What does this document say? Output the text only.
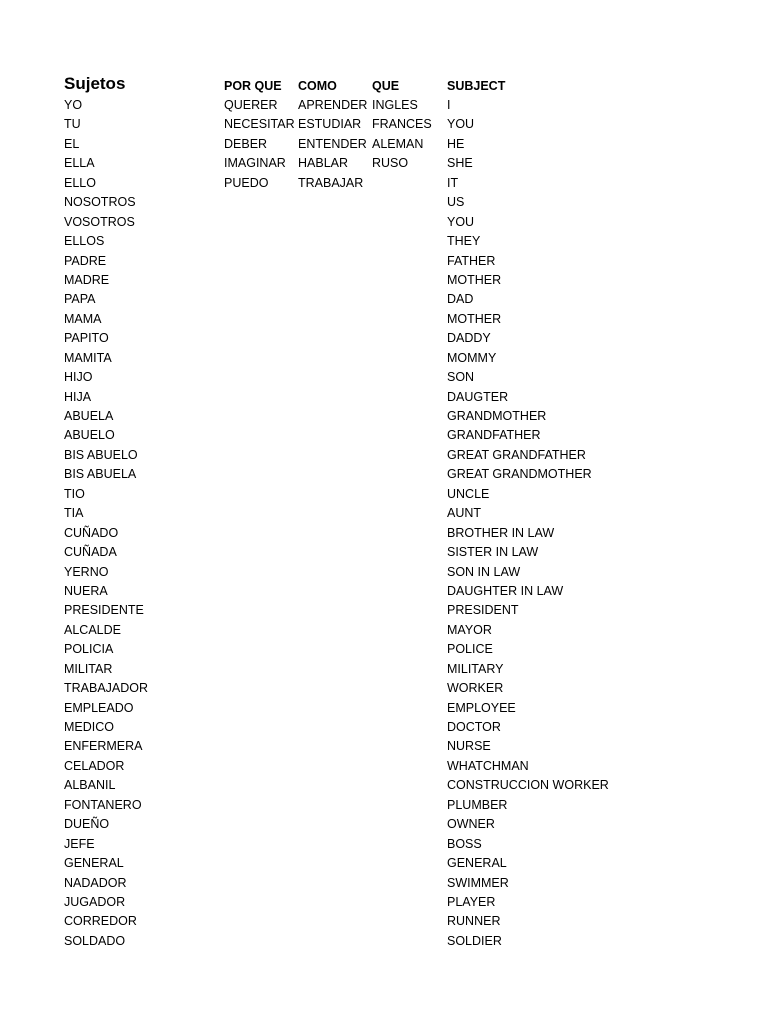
Sujetos
YO
TU
EL
ELLA
ELLO
NOSOTROS
VOSOTROS
ELLOS
PADRE
MADRE
PAPA
MAMA
PAPITO
MAMITA
HIJO
HIJA
ABUELA
ABUELO
BIS ABUELO
BIS ABUELA
TIO
TIA
CUÑADO
CUÑADA
YERNO
NUERA
PRESIDENTE
ALCALDE
POLICIA
MILITAR
TRABAJADOR
EMPLEADO
MEDICO
ENFERMERA
CELADOR
ALBANIL
FONTANERO
DUEÑO
JEFE
GENERAL
NADADOR
JUGADOR
CORREDOR
SOLDADO
POR QUE
QUERER
NECESITAR
DEBER
IMAGINAR
PUEDO
COMO
APRENDER
ESTUDIAR
ENTENDER
HABLAR
TRABAJAR
QUE
INGLES
FRANCES
ALEMAN
RUSO
SUBJECT
I
YOU
HE
SHE
IT
US
YOU
THEY
FATHER
MOTHER
DAD
MOTHER
DADDY
MOMMY
SON
DAUGTER
GRANDMOTHER
GRANDFATHER
GREAT GRANDFATHER
GREAT GRANDMOTHER
UNCLE
AUNT
BROTHER IN LAW
SISTER IN LAW
SON IN LAW
DAUGHTER IN LAW
PRESIDENT
MAYOR
POLICE
MILITARY
WORKER
EMPLOYEE
DOCTOR
NURSE
WHATCHMAN
CONSTRUCCION WORKER
PLUMBER
OWNER
BOSS
GENERAL
SWIMMER
PLAYER
RUNNER
SOLDIER
